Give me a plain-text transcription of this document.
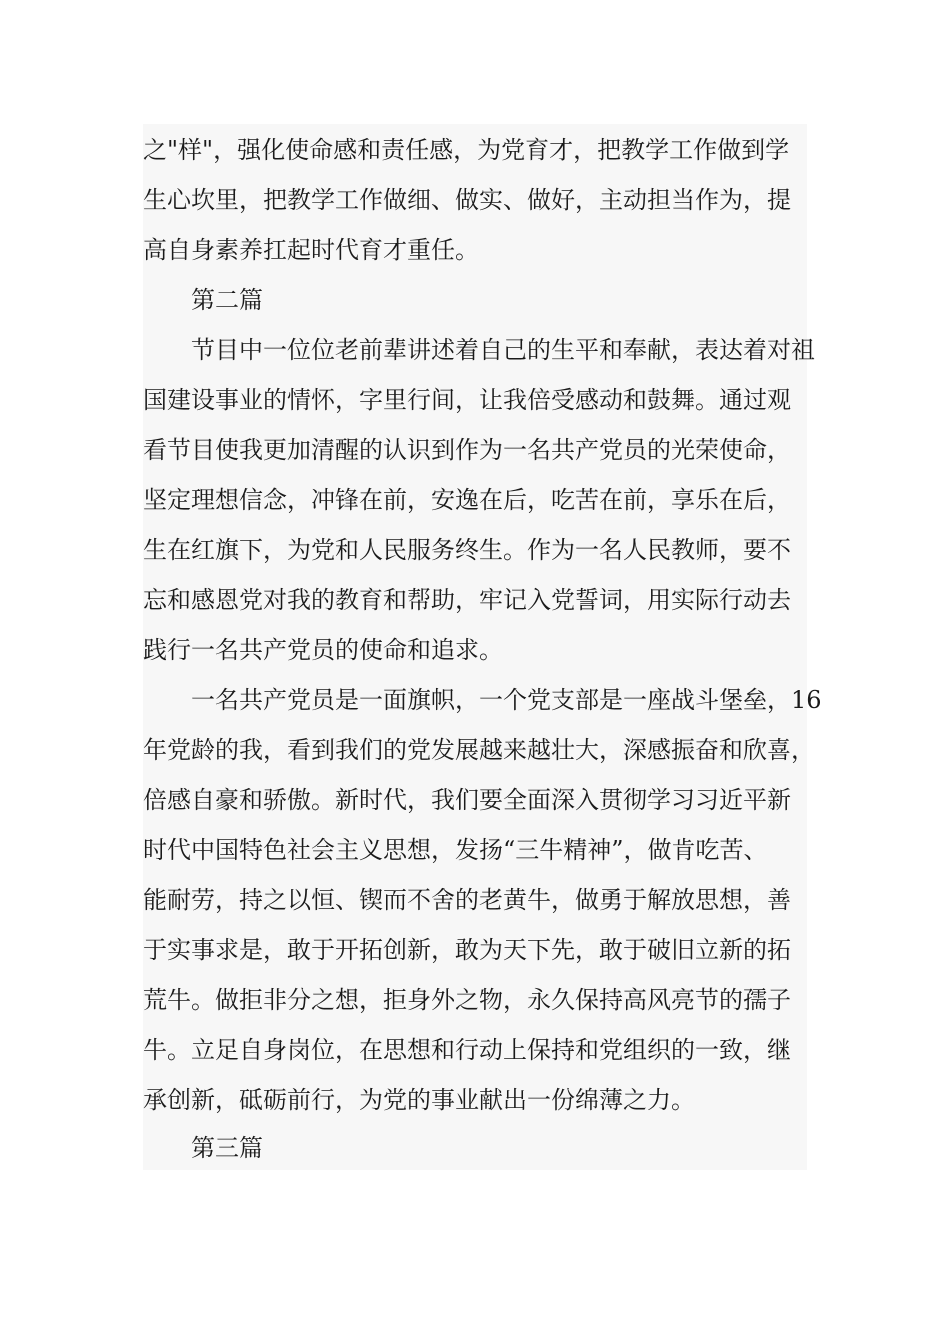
之"样"，强化使命感和责任感，为党育才，把教学工作做到学
生心坎里，把教学工作做细、做实、做好，主动担当作为，提
高自身素养扛起时代育才重任。
　　第二篇
　　节目中一位位老前辈讲述着自己的生平和奉献，表达着对祖
国建设事业的情怀，字里行间，让我倍受感动和鼓舞。通过观
看节目使我更加清醒的认识到作为一名共产党员的光荣使命，
坚定理想信念，冲锋在前，安逸在后，吃苦在前，享乐在后，
生在红旗下，为党和人民服务终生。作为一名人民教师，要不
忘和感恩党对我的教育和帮助，牢记入党誓词，用实际行动去
践行一名共产党员的使命和追求。
　　一名共产党员是一面旗帜，一个党支部是一座战斗堡垒，16
年党龄的我，看到我们的党发展越来越壮大，深感振奋和欣喜，
倍感自豪和骄傲。新时代，我们要全面深入贯彻学习习近平新
时代中国特色社会主义思想，发扬“三牛精神”，做肯吃苦、
能耐劳，持之以恒、锲而不舍的老黄牛，做勇于解放思想，善
于实事求是，敢于开拓创新，敢为天下先，敢于破旧立新的拓
荒牛。做拒非分之想，拒身外之物，永久保持高风亮节的孺子
牛。立足自身岗位，在思想和行动上保持和党组织的一致，继
承创新，砥砺前行，为党的事业献出一份绵薄之力。
　　第三篇
